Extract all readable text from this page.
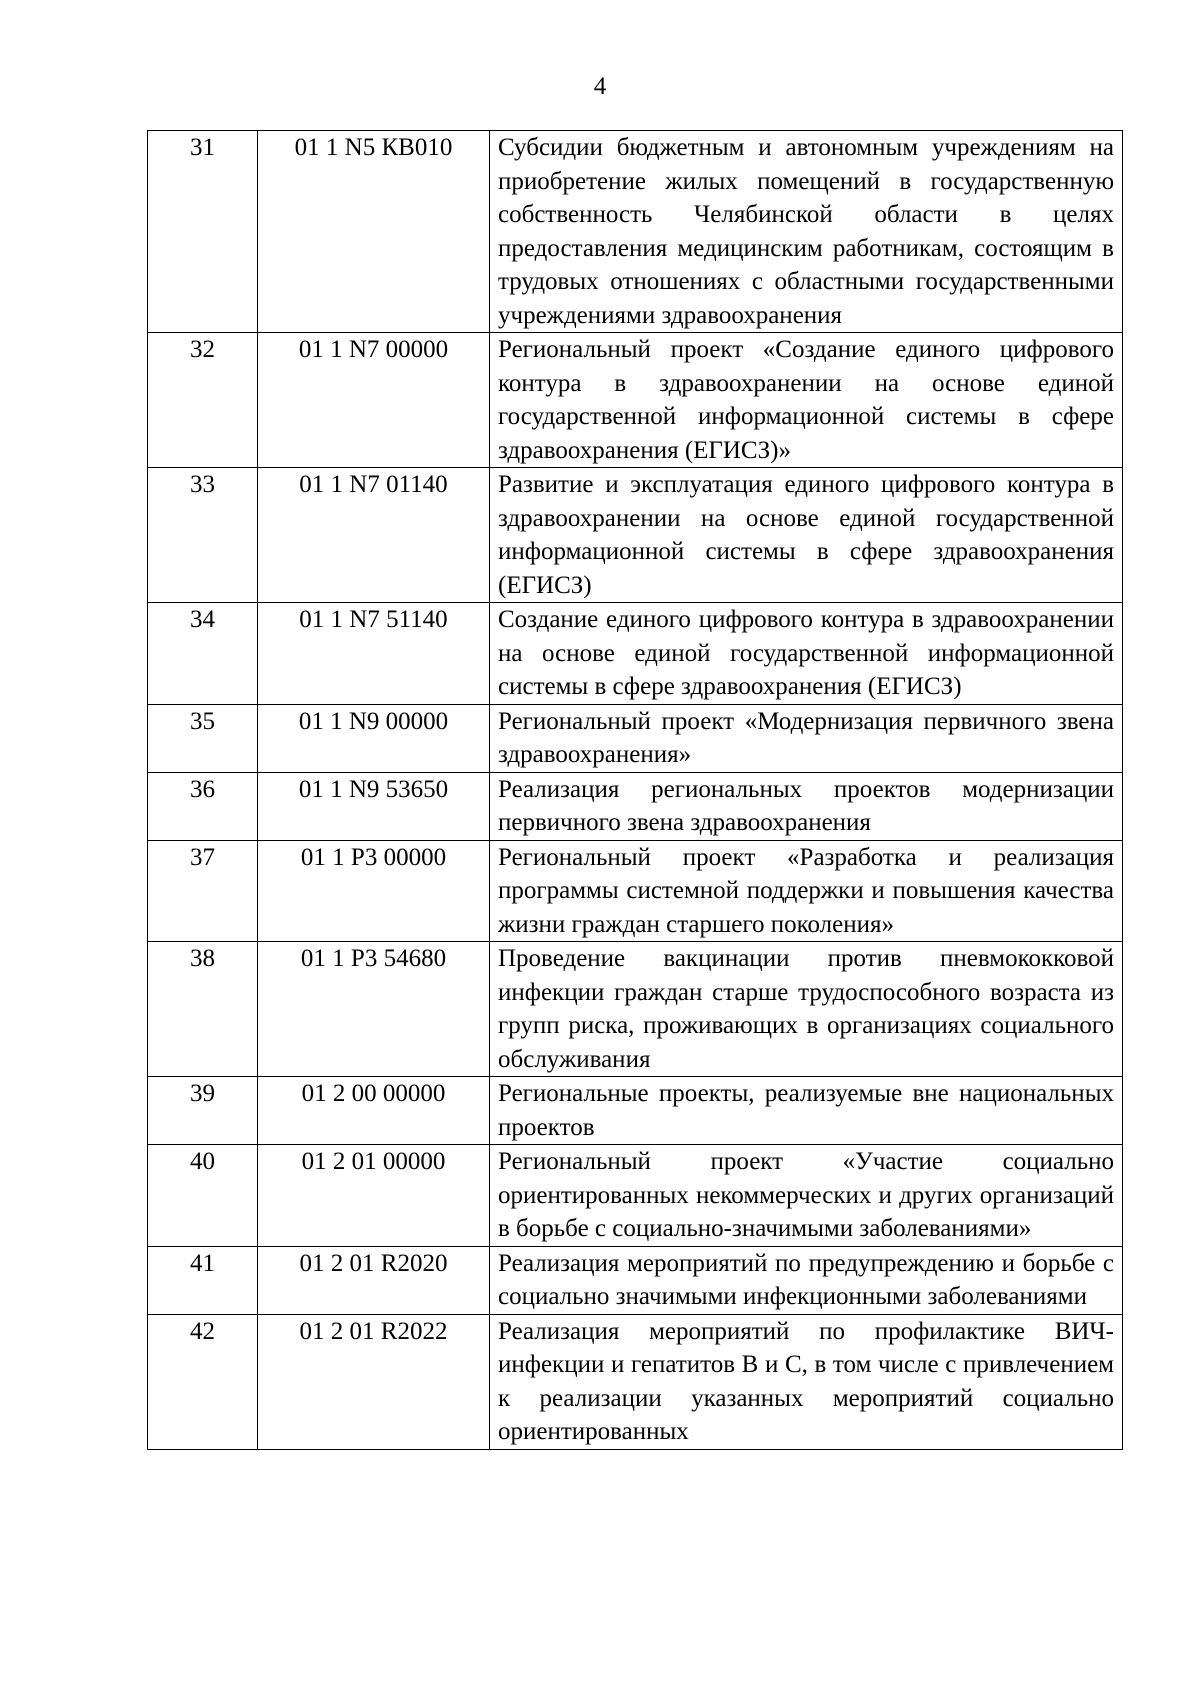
4
31	01 1 N5 КВ010	Субсидии бюджетным и автономным учреждениям на приобретение жилых помещений в государственную собственность Челябинской области в целях предоставления медицинским работникам, состоящим в трудовых отношениях с областными государственными учреждениями здравоохранения
32	01 1 N7 00000	Региональный проект «Создание единого цифрового контура в здравоохранении на основе единой государственной информационной системы в сфере здравоохранения (ЕГИСЗ)»
33	01 1 N7 01140	Развитие и эксплуатация единого цифрового контура в здравоохранении на основе единой государственной информационной системы в сфере здравоохранения (ЕГИСЗ)
34	01 1 N7 51140	Создание единого цифрового контура в здравоохранении на основе единой государственной информационной системы в сфере здравоохранения (ЕГИСЗ)
35	01 1 N9 00000	Региональный проект «Модернизация первичного звена здравоохранения»
36	01 1 N9 53650	Реализация региональных проектов модернизации первичного звена здравоохранения
37	01 1 P3 00000	Региональный проект «Разработка и реализация программы системной поддержки и повышения качества жизни граждан старшего поколения»
38	01 1 P3 54680	Проведение вакцинации против пневмококковой инфекции граждан старше трудоспособного возраста из групп риска, проживающих в организациях социального обслуживания
39	01 2 00 00000	Региональные проекты, реализуемые вне национальных проектов
40	01 2 01 00000	Региональный проект «Участие социально ориентированных некоммерческих и других организаций в борьбе с социально-значимыми заболеваниями»
41	01 2 01 R2020	Реализация мероприятий по предупреждению и борьбе с социально значимыми инфекционными заболеваниями
42	01 2 01 R2022	Реализация мероприятий по профилактике ВИЧ-инфекции и гепатитов B и C, в том числе с привлечением к реализации указанных мероприятий социально ориентированных
